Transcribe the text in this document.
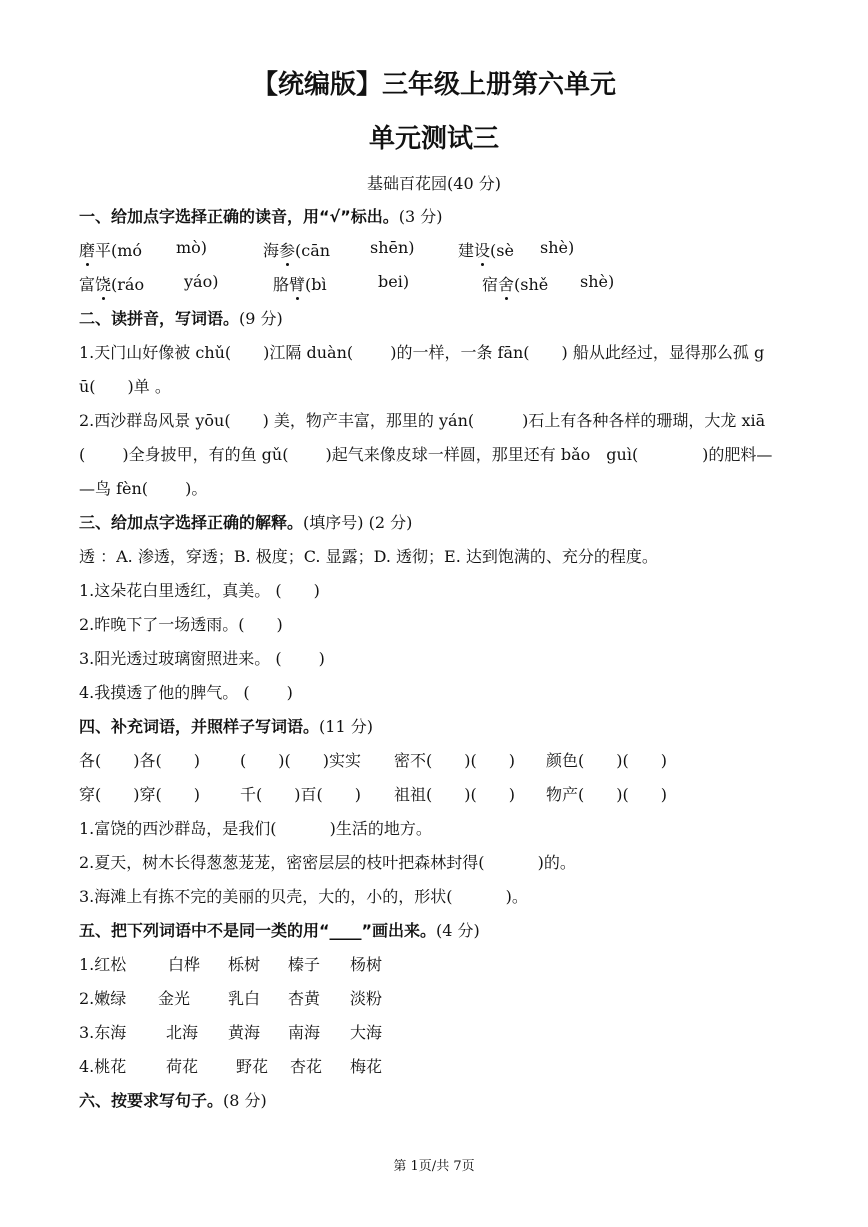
【统编版】三年级上册第六单元
单元测试三
基础百花园(40 分)
一、给加点字选择正确的读音，用“√”标出。(3 分)
磨平(mó mò)	海参(cān shēn)	建设(sè shè)
富饶(ráo yáo)	胳臂(bì	bei)	宿舍(shě shè)
二、读拼音，写词语。(9 分)
1.天门山好像被 chǔ(　　)江隔 duàn(　　 )的一样，一条 fān(　　) 船从此经过，显得那么孤 g
ū(　　)单 。
2.西沙群岛风景 yōu(　　) 美，物产丰富，那里的 yán(　　　)石上有各种各样的珊瑚，大龙 xiā
(　　 )全身披甲，有的鱼 gǔ(　　 )起气来像皮球一样圆，那里还有 bǎo　guì(　　　　)的肥料—
—鸟 fèn(　　 )。
三、给加点字选择正确的解释。(填序号) (2 分)
透 ：A. 渗透，穿透；B. 极度；C. 显露；D. 透彻；E. 达到饱满的、充分的程度。
1.这朵花白里透红，真美。 (　　)
2.昨晚下了一场透雨。(　　)
3.阳光透过玻璃窗照进来。 (　　 )
4.我摸透了他的脾气。 (　　 )
四、补充词语，并照样子写词语。(11 分)
各(　　)各(　　)	(　　)(　　)实实 密不(　　)(　　) 颜色(　　)(　　)
穿(　　)穿(　　)	千(　　)百(　　) 祖祖(　　)(　　) 物产(　　)(　　)
1.富饶的西沙群岛，是我们(　　 　)生活的地方。
2.夏天，树木长得葱葱茏茏，密密层层的枝叶把森林封得(　　 　)的。
3.海滩上有拣不完的美丽的贝壳，大的，小的，形状(　　　 )。
五、把下列词语中不是同一类的用“____”画出来。(4 分)
1.红松	白桦 栎树 榛子 杨树
2.嫩绿 金光 乳白 杏黄 淡粉
3.东海 北海 黄海 南海 大海
4.桃花 荷花 野花 杏花 梅花
六、按要求写句子。(8 分)
第 1页/共 7页
